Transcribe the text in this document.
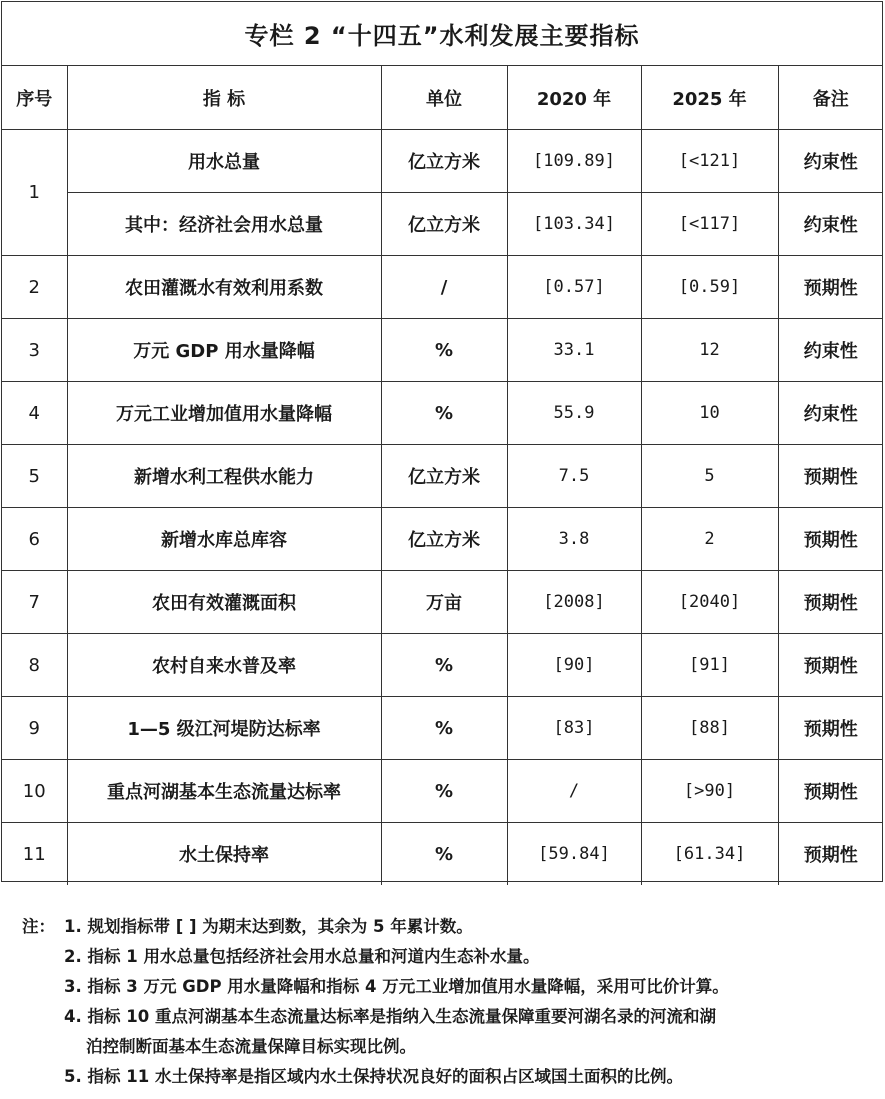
专栏 2 “十四五”水利发展主要指标
序号	指 标	单位	2020 年	2025 年	备注
1	用水总量	亿立方米	[109.89]	[<121]	约束性
	其中：经济社会用水总量	亿立方米	[103.34]	[<117]	约束性
2	农田灌溉水有效利用系数	/	[0.57]	[0.59]	预期性
3	万元 GDP 用水量降幅	%	33.1	12	约束性
4	万元工业增加值用水量降幅	%	55.9	10	约束性
5	新增水利工程供水能力	亿立方米	7.5	5	预期性
6	新增水库总库容	亿立方米	3.8	2	预期性
7	农田有效灌溉面积	万亩	[2008]	[2040]	预期性
8	农村自来水普及率	%	[90]	[91]	预期性
9	1—5 级江河堤防达标率	%	[83]	[88]	预期性
10	重点河湖基本生态流量达标率	%	/	[>90]	预期性
11	水土保持率	%	[59.84]	[61.34]	预期性
注： 1. 规划指标带 [ ] 为期末达到数，其余为 5 年累计数。
2. 指标 1 用水总量包括经济社会用水总量和河道内生态补水量。
3. 指标 3 万元 GDP 用水量降幅和指标 4 万元工业增加值用水量降幅，采用可比价计算。
4. 指标 10 重点河湖基本生态流量达标率是指纳入生态流量保障重要河湖名录的河流和湖
泊控制断面基本生态流量保障目标实现比例。
5. 指标 11 水土保持率是指区域内水土保持状况良好的面积占区域国土面积的比例。
